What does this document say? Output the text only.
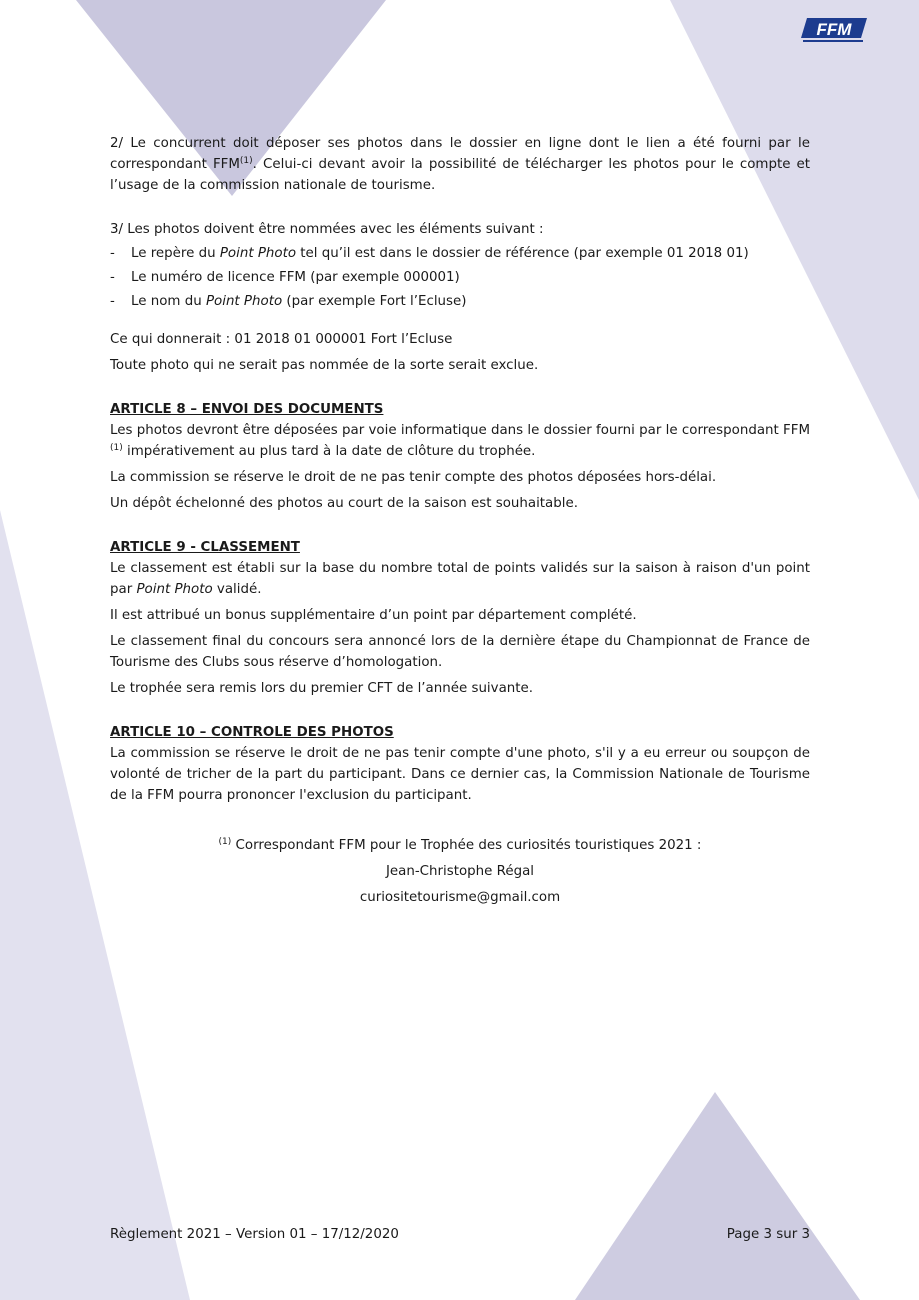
FFM

2/ Le concurrent doit déposer ses photos dans le dossier en ligne dont le lien a été fourni par le correspondant FFM$^{(1)}$. Celui-ci devant avoir la possibilité de télécharger les photos pour le compte et l’usage de la commission nationale de tourisme.

3/ Les photos doivent être nommées avec les éléments suivant :

- Le repère du Point Photo tel qu’il est dans le dossier de référence (par exemple 01 2018 01)
- Le numéro de licence FFM (par exemple 000001)
- Le nom du Point Photo (par exemple Fort l’Ecluse)

Ce qui donnerait : 01 2018 01 000001 Fort l’Ecluse

Toute photo qui ne serait pas nommée de la sorte serait exclue.

ARTICLE 8 – ENVOI DES DOCUMENTS

Les photos devront être déposées par voie informatique dans le dossier fourni par le correspondant FFM $^{(1)}$ impérativement au plus tard à la date de clôture du trophée.

La commission se réserve le droit de ne pas tenir compte des photos déposées hors-délai.

Un dépôt échelonné des photos au court de la saison est souhaitable.

ARTICLE 9 - CLASSEMENT

Le classement est établi sur la base du nombre total de points validés sur la saison à raison d'un point par Point Photo validé.

Il est attribué un bonus supplémentaire d’un point par département complété.

Le classement final du concours sera annoncé lors de la dernière étape du Championnat de France de Tourisme des Clubs sous réserve d’homologation.

Le trophée sera remis lors du premier CFT de l’année suivante.

ARTICLE 10 – CONTROLE DES PHOTOS

La commission se réserve le droit de ne pas tenir compte d'une photo, s'il y a eu erreur ou soupçon de volonté de tricher de la part du participant. Dans ce dernier cas, la Commission Nationale de Tourisme de la FFM pourra prononcer l'exclusion du participant.

$^{(1)}$ Correspondant FFM pour le Trophée des curiosités touristiques 2021 :

Jean-Christophe Régal

curiositetourisme@gmail.com

Règlement 2021 – Version 01 – 17/12/2020	Page 3 sur 3
